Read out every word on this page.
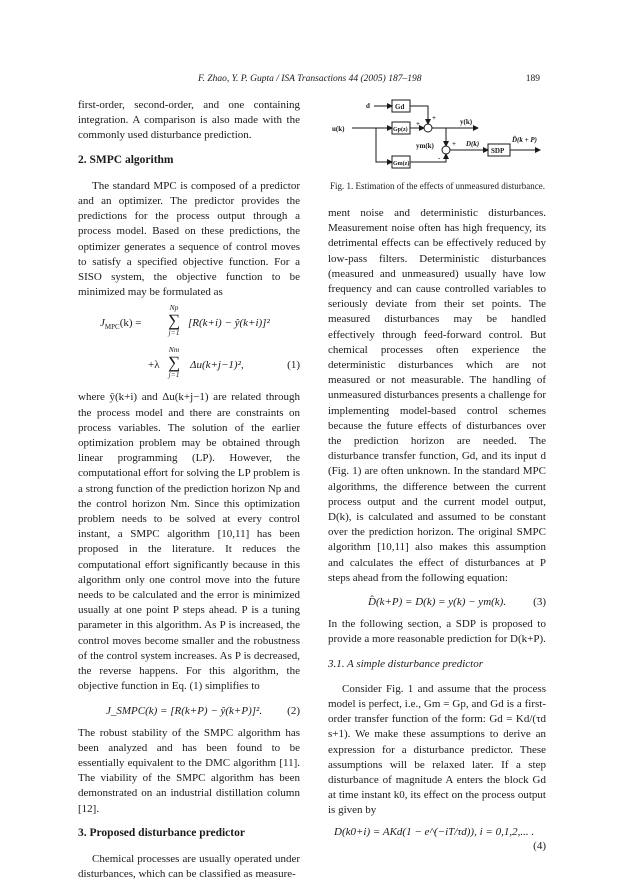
F. Zhao, Y. P. Gupta / ISA Transactions 44 (2005) 187–198	189

first-order, second-order, and one containing integration. A comparison is also made with the commonly used disturbance prediction.

2. SMPC algorithm

The standard MPC is composed of a predictor and an optimizer. The predictor provides the predictions for the process output through a process model. Based on these predictions, the optimizer generates a sequence of control moves to satisfy a specified objective function. For a SISO system, the objective function to be minimized may be formulated as

$J_{MPC}(k)$ =
Np
∑
j=1
[R(k+i) − ŷ(k+i)]²
+λ
Nm
∑
j=1
Δu(k+j−1)²,	(1)

where ŷ(k+i) and Δu(k+j−1) are related through the process model and there are constraints on process variables. The solution of the earlier optimization problem may be obtained through linear programming (LP). However, the computational effort for solving the LP problem is a strong function of the prediction horizon Np and the control horizon Nm. Since this optimization problem needs to be solved at every control instant, a SMPC algorithm [10,11] has been proposed in the literature. It reduces the computational effort significantly because in this algorithm only one control move into the future needs to be calculated and the error is minimized usually at one point P steps ahead. P is a tuning parameter in this algorithm. As P is increased, the control moves become smaller and the robustness of the control system increases. As P is decreased, the reverse happens. For this algorithm, the objective function in Eq. (1) simplifies to

J_SMPC(k) = [R(k+P) − ŷ(k+P)]². (2)

The robust stability of the SMPC algorithm has been analyzed and has been found to be essentially equivalent to the DMC algorithm [11]. The viability of the SMPC algorithm has been demonstrated on an industrial distillation column [12].

3. Proposed disturbance predictor

Chemical processes are usually operated under disturbances, which can be classified as measure-

d	Gd
u(k)	Gp(z)
+
+	y(k)
ym(k)	+
-
D(k)
SDP
D̂(k + P)
Gm(z)
Fig. 1. Estimation of the effects of unmeasured disturbance.

ment noise and deterministic disturbances. Measurement noise often has high frequency, its detrimental effects can be effectively reduced by low-pass filters. Deterministic disturbances (measured and unmeasured) usually have low frequency and can cause controlled variables to seriously deviate from their set points. The measured disturbances may be handled effectively through feed-forward control. But chemical processes often experience the deterministic disturbances which are not measured or not measurable. The handling of unmeasured disturbances presents a challenge for implementing model-based control schemes because the future effects of disturbances over the prediction horizon are needed. The disturbance transfer function, Gd, and its input d (Fig. 1) are often unknown. In the standard MPC algorithms, the difference between the current process output and the current model output, D(k), is calculated and assumed to be constant over the prediction horizon. The original SMPC algorithm [10,11] also makes this assumption and calculates the effect of disturbances at P steps ahead from the following equation:

D̂(k+P) = D(k) = y(k) − ym(k). (3)

In the following section, a SDP is proposed to provide a more reasonable prediction for D(k+P).

3.1. A simple disturbance predictor

Consider Fig. 1 and assume that the process model is perfect, i.e., Gm = Gp, and Gd is a first-order transfer function of the form: Gd = Kd/(τd s+1). We make these assumptions to derive an expression for a disturbance predictor. These assumptions will be relaxed later. If a step disturbance of magnitude A enters the block Gd at time instant k0, its effect on the process output is given by

D(k0+i) = AKd(1 − e^(−iT/τd)), i = 0,1,2,... .
(4)
